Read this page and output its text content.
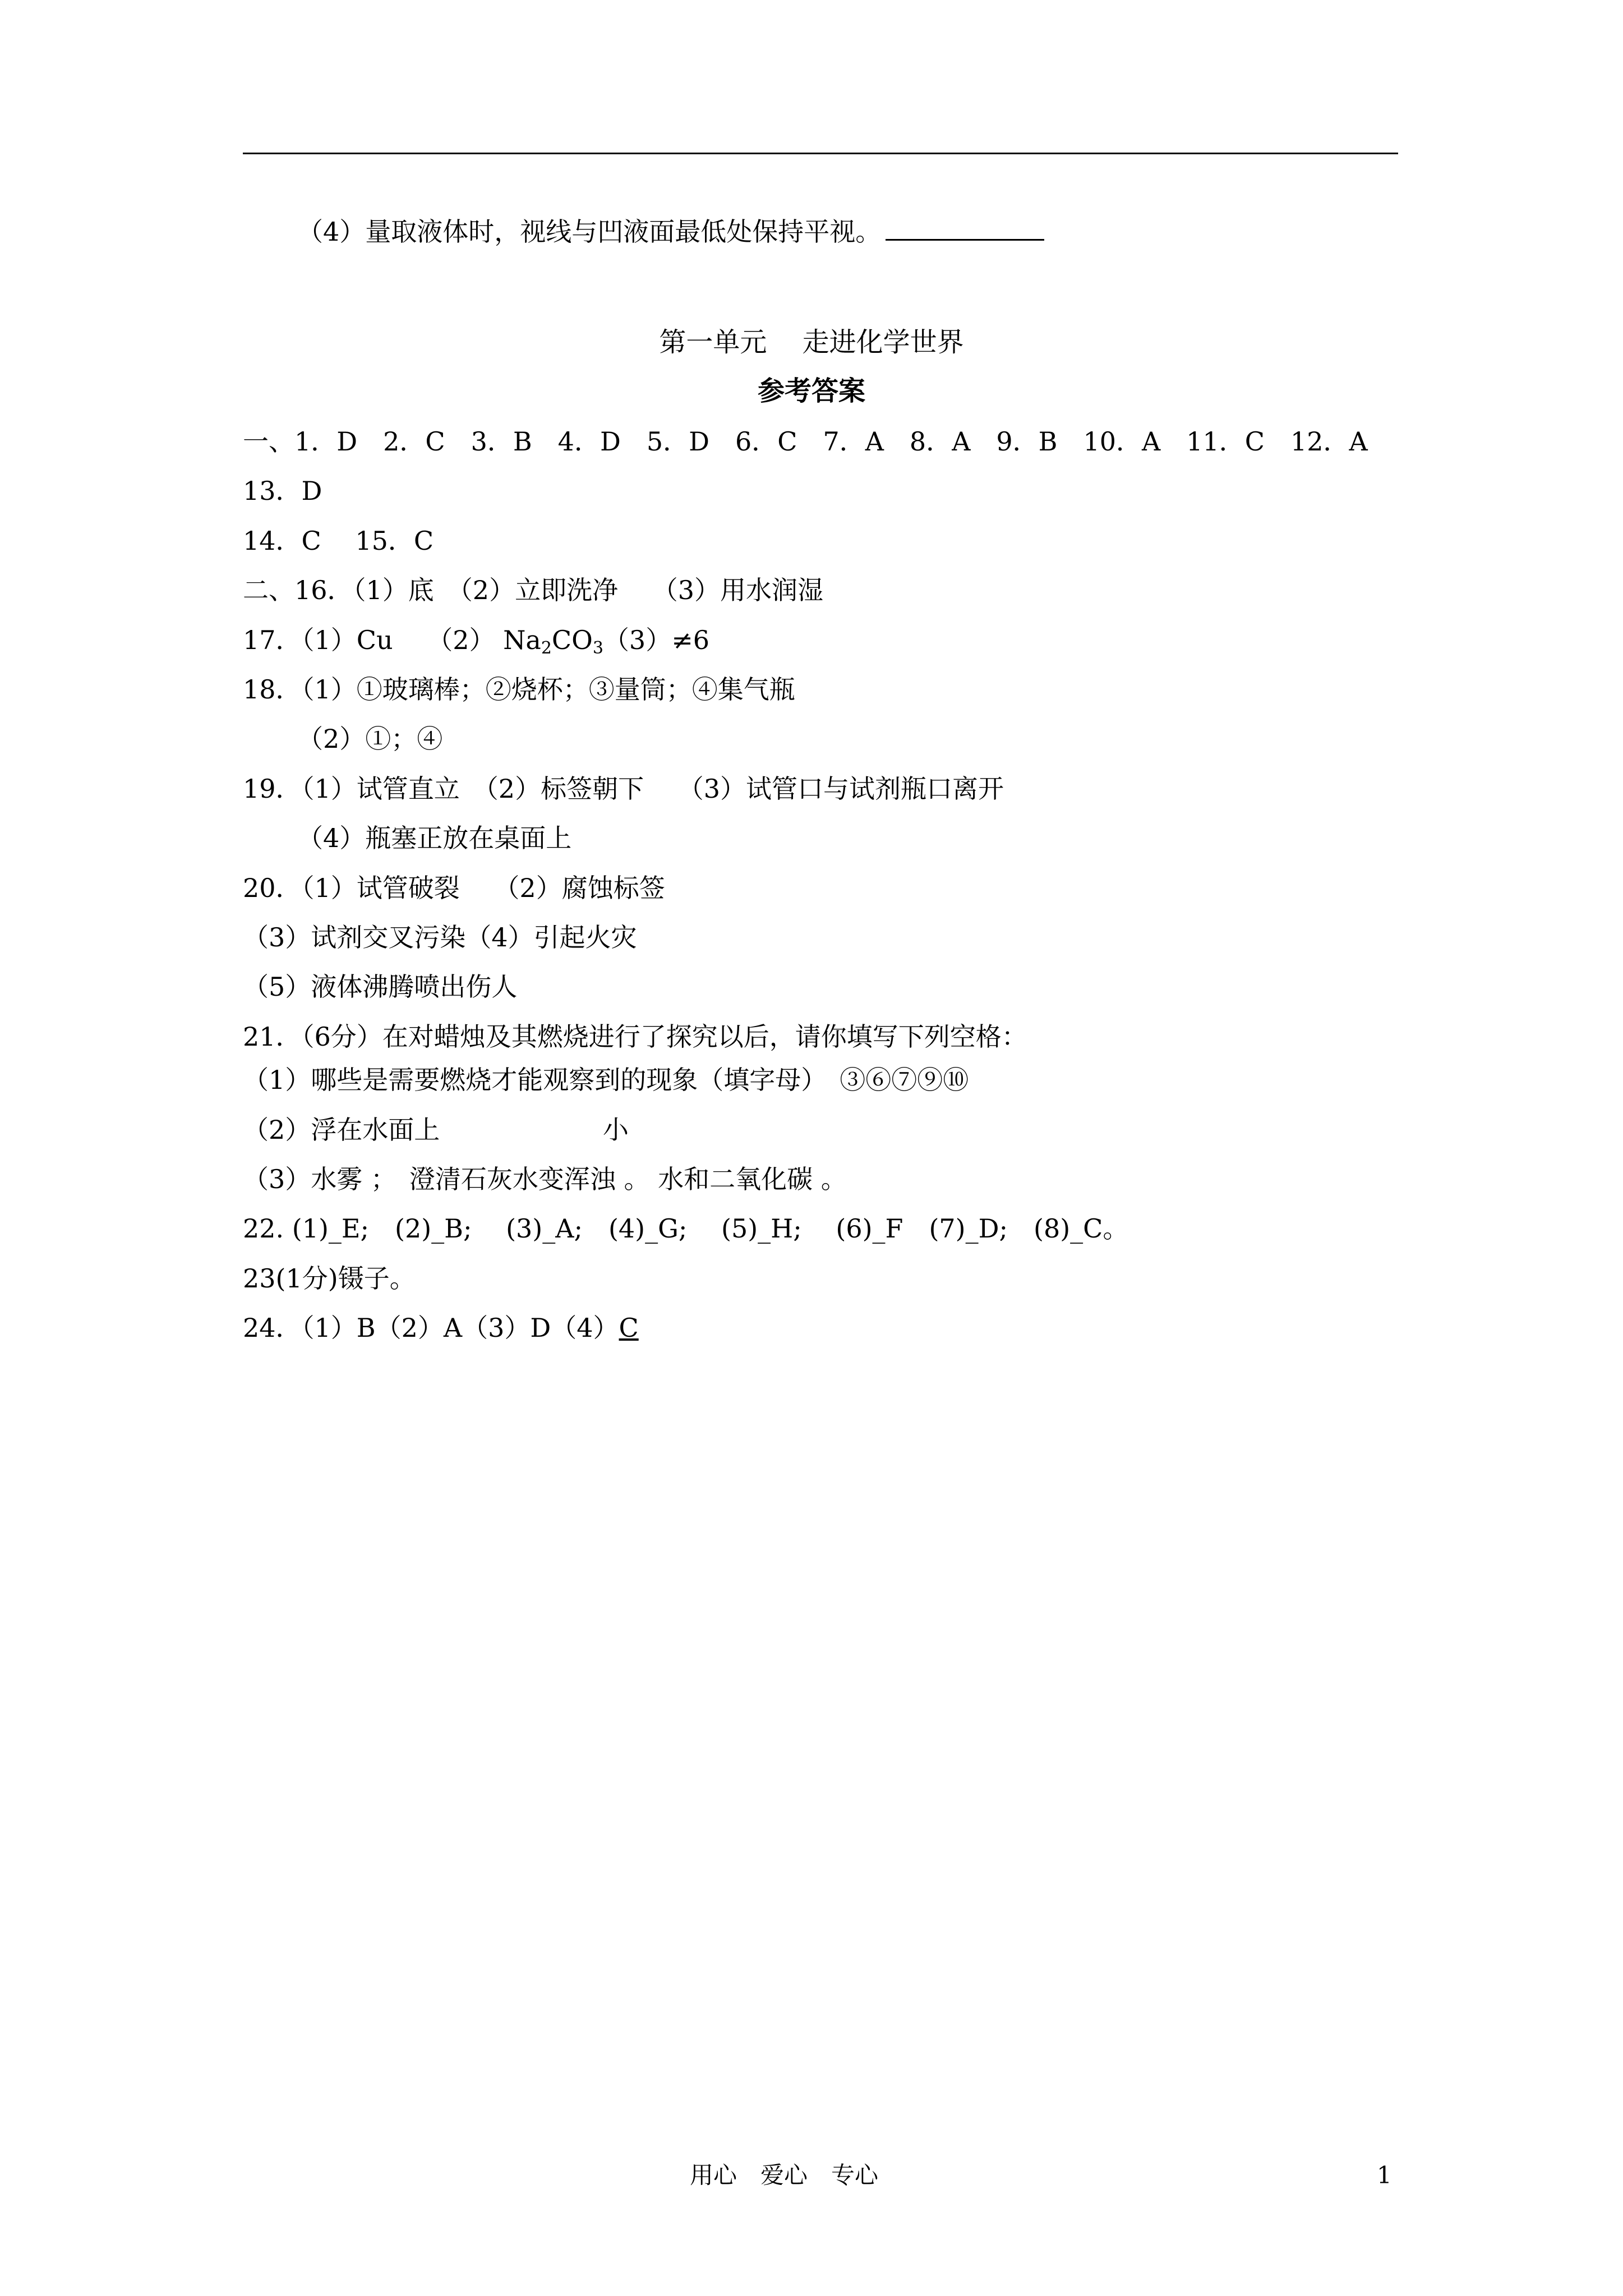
（4）量取液体时，视线与凹液面最低处保持平视。
第一单元　 走进化学世界
参考答案
一、1．D　2．C　3．B　4．D　5．D　6．C　7．A　8．A　9．B　10．A　11．C　12．A
13．D
14．C　 15．C
二、16．（1）底　（2）立即洗净　 （3）用水润湿
17．（1）Cu　 （2） $Na_2CO_3(3)\ne 6$
18．（1）①玻璃棒；②烧杯；③量筒；④集气瓶
（2）①；④
19．（1）试管直立　（2）标签朝下　 （3）试管口与试剂瓶口离开
（4）瓶塞正放在桌面上
20．（1）试管破裂　 （2）腐蚀标签
（3）试剂交叉污染（4）引起火灾
（5）液体沸腾喷出伤人
21．（6分）在对蜡烛及其燃烧进行了探究以后，请你填写下列空格：
（1）哪些是需要燃烧才能观察到的现象（填字母）　③⑥⑦⑨⑩
（2）浮在水面上　　　　　　 小
（3）水雾 ；　澄清石灰水变浑浊 。 水和二氧化碳 。
22. (1)_E;　(2)_B;　 (3)_A;　(4)_G;　 (5)_H;　 (6)_F　(7)_D;　(8)_C。
23(1分)镊子。
24．（1）B（2）A（3）D（4）C
用心　爱心　专心	1
